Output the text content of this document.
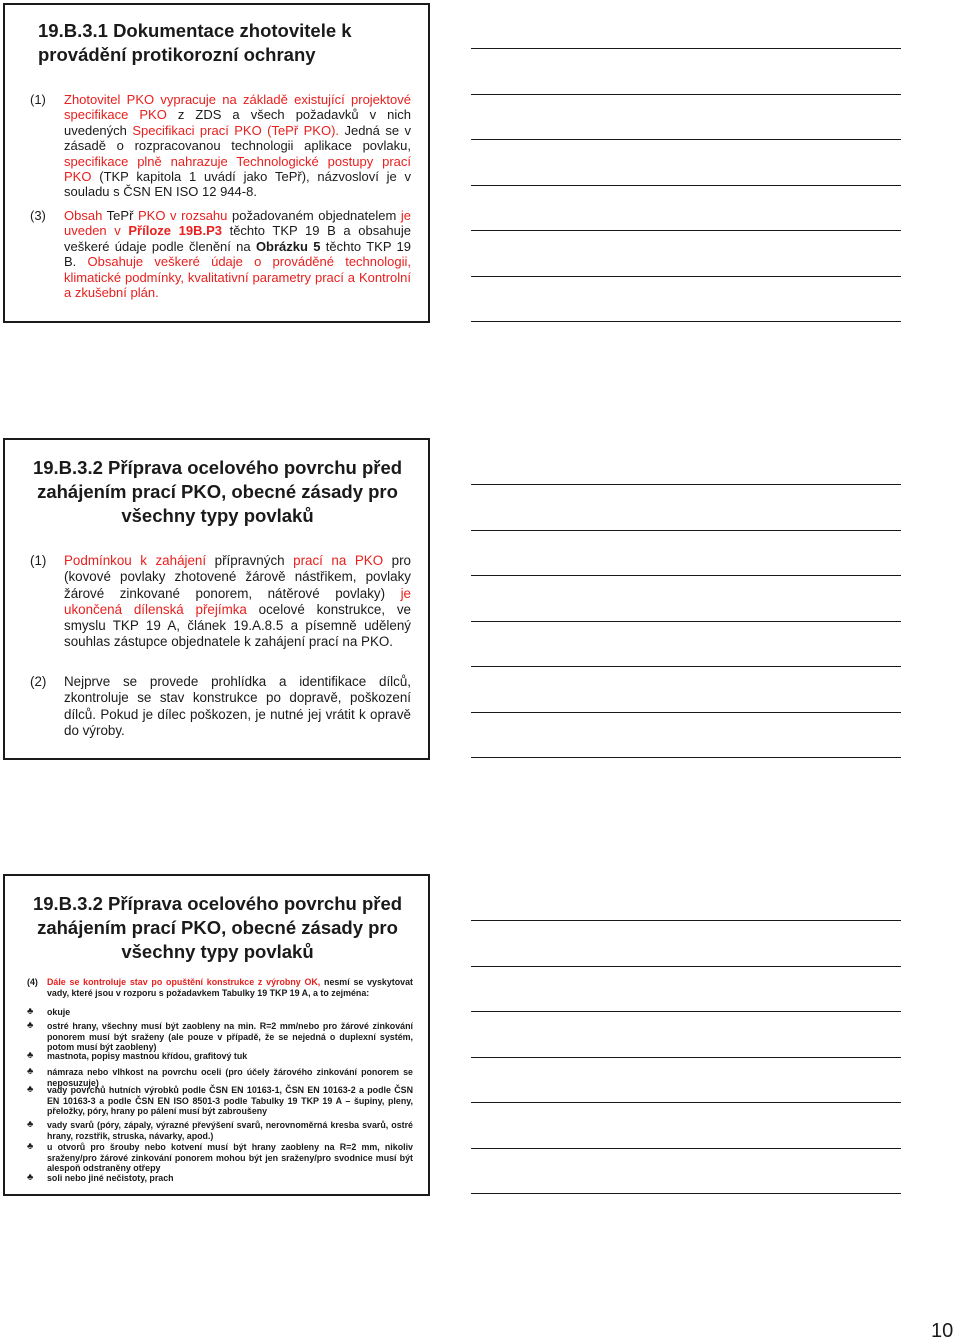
19.B.3.1 Dokumentace zhotovitele k provádění protikorozní ochrany
(1)	Zhotovitel PKO vypracuje na základě existující projektové specifikace PKO z ZDS a všech požadavků v nich uvedených Specifikaci prací PKO (TePř PKO). Jedná se v zásadě o rozpracovanou technologii aplikace povlaku, specifikace plně nahrazuje Technologické postupy prací PKO (TKP kapitola 1 uvádí jako TePř), názvosloví je v souladu s ČSN EN ISO 12 944-8.
(3)	Obsah TePř PKO v rozsahu požadovaném objednatelem je uveden v Příloze 19B.P3 těchto TKP 19 B a obsahuje veškeré údaje podle členění na Obrázku 5 těchto TKP 19 B. Obsahuje veškeré údaje o prováděné technologii, klimatické podmínky, kvalitativní parametry prací a Kontrolní a zkušební plán.
19.B.3.2 Příprava ocelového povrchu před zahájením prací PKO, obecné zásady pro všechny typy povlaků
(1)	Podmínkou k zahájení přípravných prací na PKO pro (kovové povlaky zhotovené žárově nástřikem, povlaky žárové zinkované ponorem, nátěrové povlaky) je ukončená dílenská přejímka ocelové konstrukce, ve smyslu TKP 19 A, článek 19.A.8.5 a písemně udělený souhlas zástupce objednatele k zahájení prací na PKO.
(2)	Nejprve se provede prohlídka a identifikace dílců, zkontroluje se stav konstrukce po dopravě, poškození dílců. Pokud je dílec poškozen, je nutné jej vrátit k opravě do výroby.
19.B.3.2 Příprava ocelového povrchu před zahájením prací PKO, obecné zásady pro všechny typy povlaků
(4)	Dále se kontroluje stav po opuštění konstrukce z výrobny OK, nesmí se vyskytovat vady, které jsou v rozporu s požadavkem Tabulky 19 TKP 19 A, a to zejména:
♣	okuje
♣	ostré hrany, všechny musí být zaobleny na min. R=2 mm/nebo pro žárové zinkování ponorem musí být sraženy (ale pouze v případě, že se nejedná o duplexní systém, potom musí být zaobleny)
♣	mastnota, popisy mastnou křídou, grafitový tuk
♣	námraza nebo vlhkost na povrchu oceli (pro účely žárového zinkování ponorem se neposuzuje)
♣	vady povrchů hutních výrobků podle ČSN EN 10163-1, ČSN EN 10163-2 a podle ČSN EN 10163-3 a podle ČSN EN ISO 8501-3 podle Tabulky 19 TKP 19 A – šupiny, pleny, přeložky, póry, hrany po pálení musí být zabroušeny
♣	vady svarů (póry, zápaly, výrazné převýšení svarů, nerovnoměrná kresba svarů, ostré hrany, rozstřik, struska, návarky, apod.)
♣	u otvorů pro šrouby nebo kotvení musí být hrany zaobleny na R=2 mm, nikoliv sraženy/pro žárové zinkování ponorem mohou být jen sraženy/pro svodnice musí být alespoň odstraněny otřepy
♣	soli nebo jiné nečistoty, prach
10
